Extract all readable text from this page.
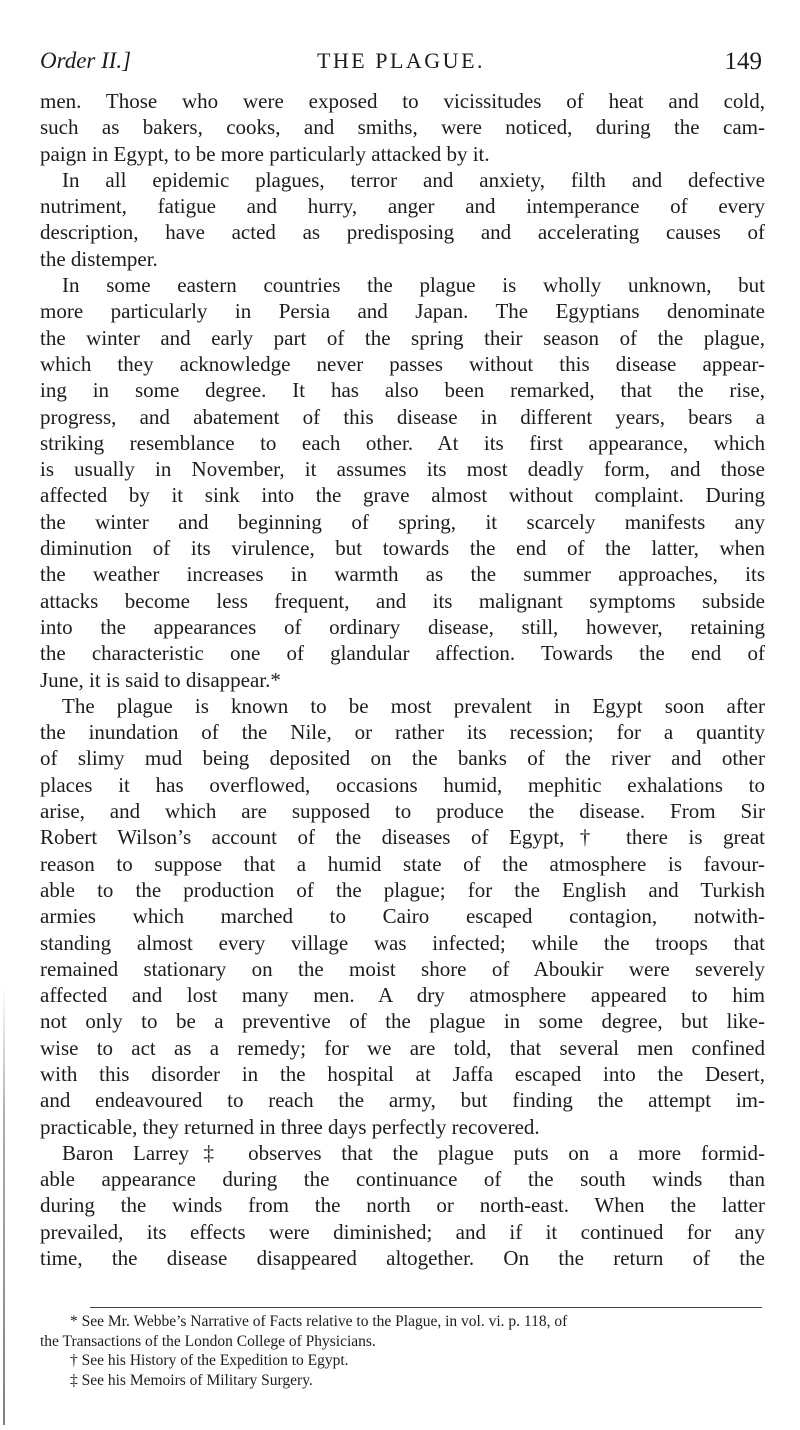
Order II.]	THE PLAGUE.	149
men. Those who were exposed to vicissitudes of heat and cold,
such as bakers, cooks, and smiths, were noticed, during the cam-
paign in Egypt, to be more particularly attacked by it.
In all epidemic plagues, terror and anxiety, filth and defective
nutriment, fatigue and hurry, anger and intemperance of every
description, have acted as predisposing and accelerating causes of
the distemper.
In some eastern countries the plague is wholly unknown, but
more particularly in Persia and Japan. The Egyptians denominate
the winter and early part of the spring their season of the plague,
which they acknowledge never passes without this disease appear-
ing in some degree. It has also been remarked, that the rise,
progress, and abatement of this disease in different years, bears a
striking resemblance to each other. At its first appearance, which
is usually in November, it assumes its most deadly form, and those
affected by it sink into the grave almost without complaint. During
the winter and beginning of spring, it scarcely manifests any
diminution of its virulence, but towards the end of the latter, when
the weather increases in warmth as the summer approaches, its
attacks become less frequent, and its malignant symptoms subside
into the appearances of ordinary disease, still, however, retaining
the characteristic one of glandular affection. Towards the end of
June, it is said to disappear.*
The plague is known to be most prevalent in Egypt soon after
the inundation of the Nile, or rather its recession; for a quantity
of slimy mud being deposited on the banks of the river and other
places it has overflowed, occasions humid, mephitic exhalations to
arise, and which are supposed to produce the disease. From Sir
Robert Wilson’s account of the diseases of Egypt,† there is great
reason to suppose that a humid state of the atmosphere is favour-
able to the production of the plague; for the English and Turkish
armies which marched to Cairo escaped contagion, notwith-
standing almost every village was infected; while the troops that
remained stationary on the moist shore of Aboukir were severely
affected and lost many men. A dry atmosphere appeared to him
not only to be a preventive of the plague in some degree, but like-
wise to act as a remedy; for we are told, that several men confined
with this disorder in the hospital at Jaffa escaped into the Desert,
and endeavoured to reach the army, but finding the attempt im-
practicable, they returned in three days perfectly recovered.
Baron Larrey‡ observes that the plague puts on a more formid-
able appearance during the continuance of the south winds than
during the winds from the north or north-east. When the latter
prevailed, its effects were diminished; and if it continued for any
time, the disease disappeared altogether. On the return of the
* See Mr. Webbe’s Narrative of Facts relative to the Plague, in vol. vi. p. 118, of
the Transactions of the London College of Physicians.
† See his History of the Expedition to Egypt.
‡ See his Memoirs of Military Surgery.
